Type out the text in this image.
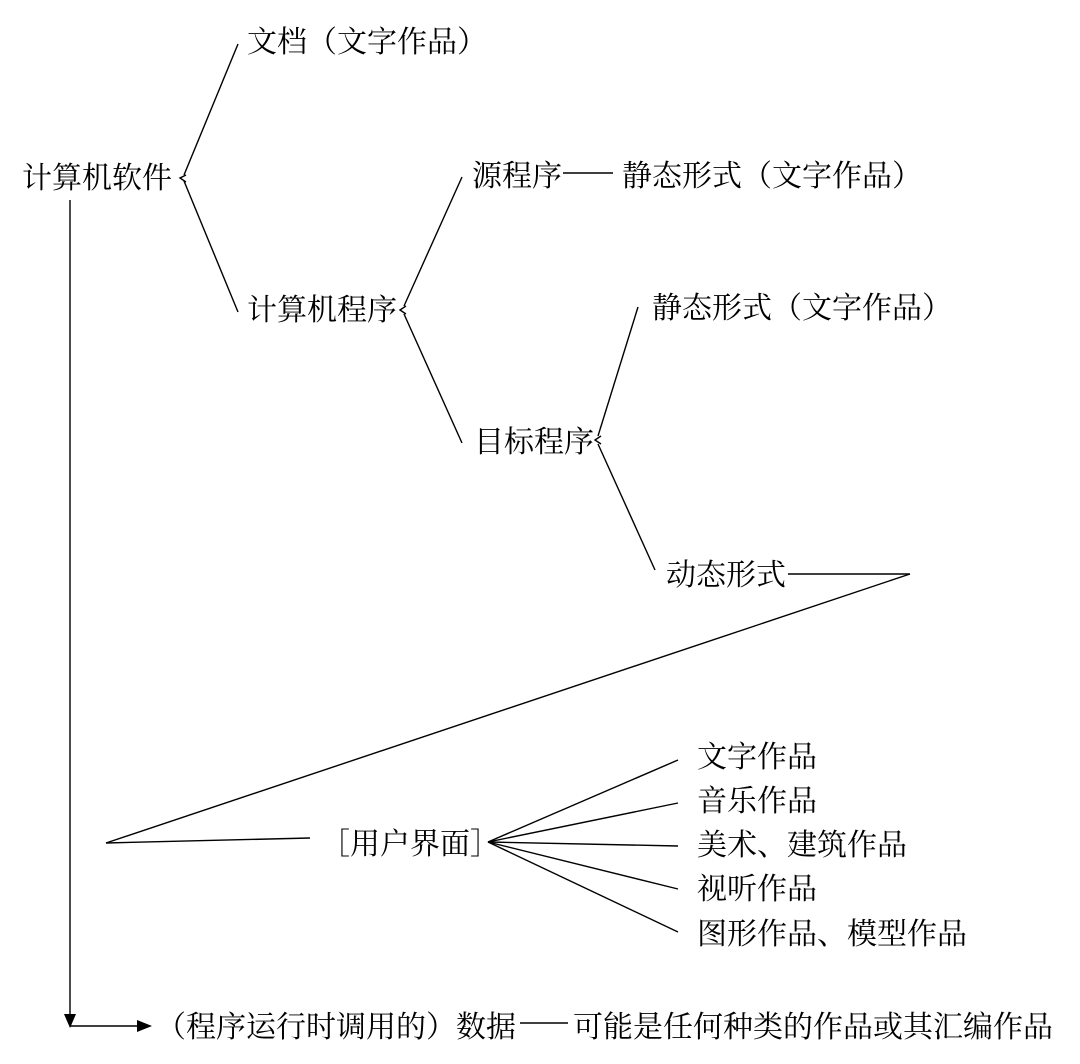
计算机软件
文档（文字作品）
计算机程序
源程序 静态形式（文字作品）
目标程序
静态形式（文字作品）
动态形式
［用户界面］
文字作品
音乐作品
美术、建筑作品
视听作品
图形作品、模型作品
（程序运行时调用的）数据 可能是任何种类的作品或其汇编作品
